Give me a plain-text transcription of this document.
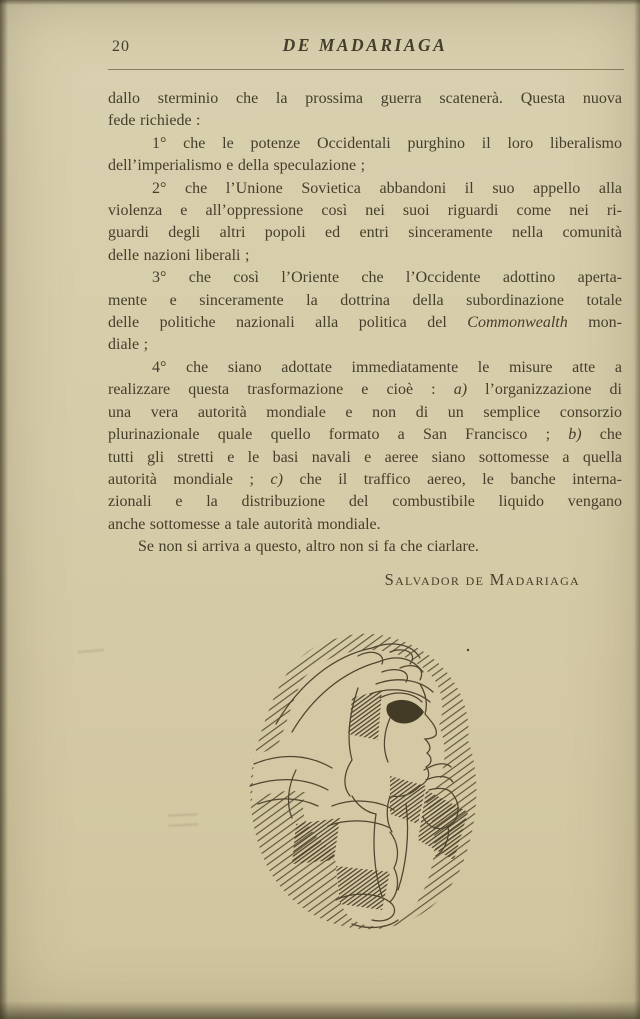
20	DE MADARIAGA

dallo sterminio che la prossima guerra scatenerà. Questa nuova
fede richiede :

1° che le potenze Occidentali purghino il loro liberalismo
dell’imperialismo e della speculazione ;

2° che l’Unione Sovietica abbandoni il suo appello alla
violenza e all’oppressione così nei suoi riguardi come nei ri-
guardi degli altri popoli ed entri sinceramente nella comunità
delle nazioni liberali ;

3° che così l’Oriente che l’Occidente adottino aperta-
mente e sinceramente la dottrina della subordinazione totale
delle politiche nazionali alla politica del Commonwealth mon-
diale ;

4° che siano adottate immediatamente le misure atte a
realizzare questa trasformazione e cioè : a) l’organizzazione di
una vera autorità mondiale e non di un semplice consorzio
plurinazionale quale quello formato a San Francisco ; b) che
tutti gli stretti e le basi navali e aeree siano sottomesse a quella
autorità mondiale ; c) che il traffico aereo, le banche interna-
zionali e la distribuzione del combustibile liquido vengano
anche sottomesse a tale autorità mondiale.

Se non si arriva a questo, altro non si fa che ciarlare.

Salvador de Madariaga
